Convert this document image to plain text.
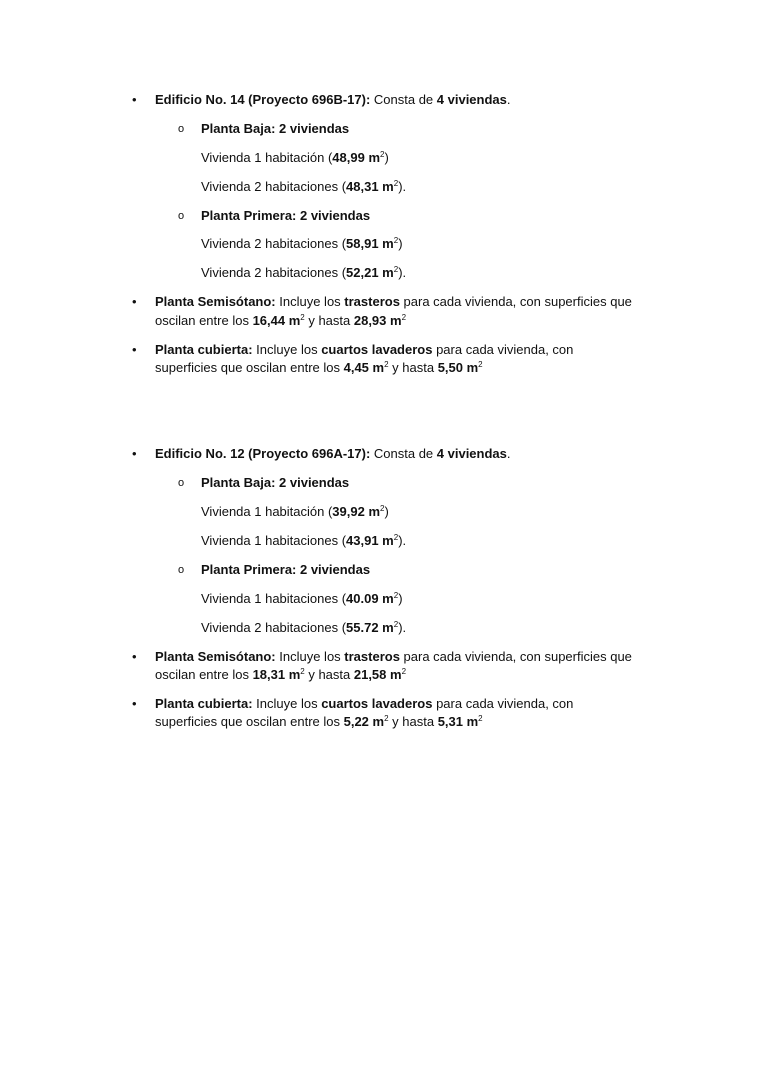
• Edificio No. 14 (Proyecto 696B-17): Consta de 4 viviendas.
o Planta Baja: 2 viviendas
Vivienda 1 habitación (48,99 $m^2$)
Vivienda 2 habitaciones (48,31 $m^2$).
o Planta Primera: 2 viviendas
Vivienda 2 habitaciones (58,91 $m^2$)
Vivienda 2 habitaciones (52,21 $m^2$).
• Planta Semisótano: Incluye los trasteros para cada vivienda, con superficies que
oscilan entre los 16,44 $m^2$ y hasta 28,93 $m^2$
• Planta cubierta: Incluye los cuartos lavaderos para cada vivienda, con
superficies que oscilan entre los 4,45 $m^2$ y hasta 5,50 $m^2$
• Edificio No. 12 (Proyecto 696A-17): Consta de 4 viviendas.
o Planta Baja: 2 viviendas
Vivienda 1 habitación (39,92 $m^2$)
Vivienda 1 habitaciones (43,91 $m^2$).
o Planta Primera: 2 viviendas
Vivienda 1 habitaciones (40.09 $m^2$)
Vivienda 2 habitaciones (55.72 $m^2$).
• Planta Semisótano: Incluye los trasteros para cada vivienda, con superficies que
oscilan entre los 18,31 $m^2$ y hasta 21,58 $m^2$
• Planta cubierta: Incluye los cuartos lavaderos para cada vivienda, con
superficies que oscilan entre los 5,22 $m^2$ y hasta 5,31 $m^2$
